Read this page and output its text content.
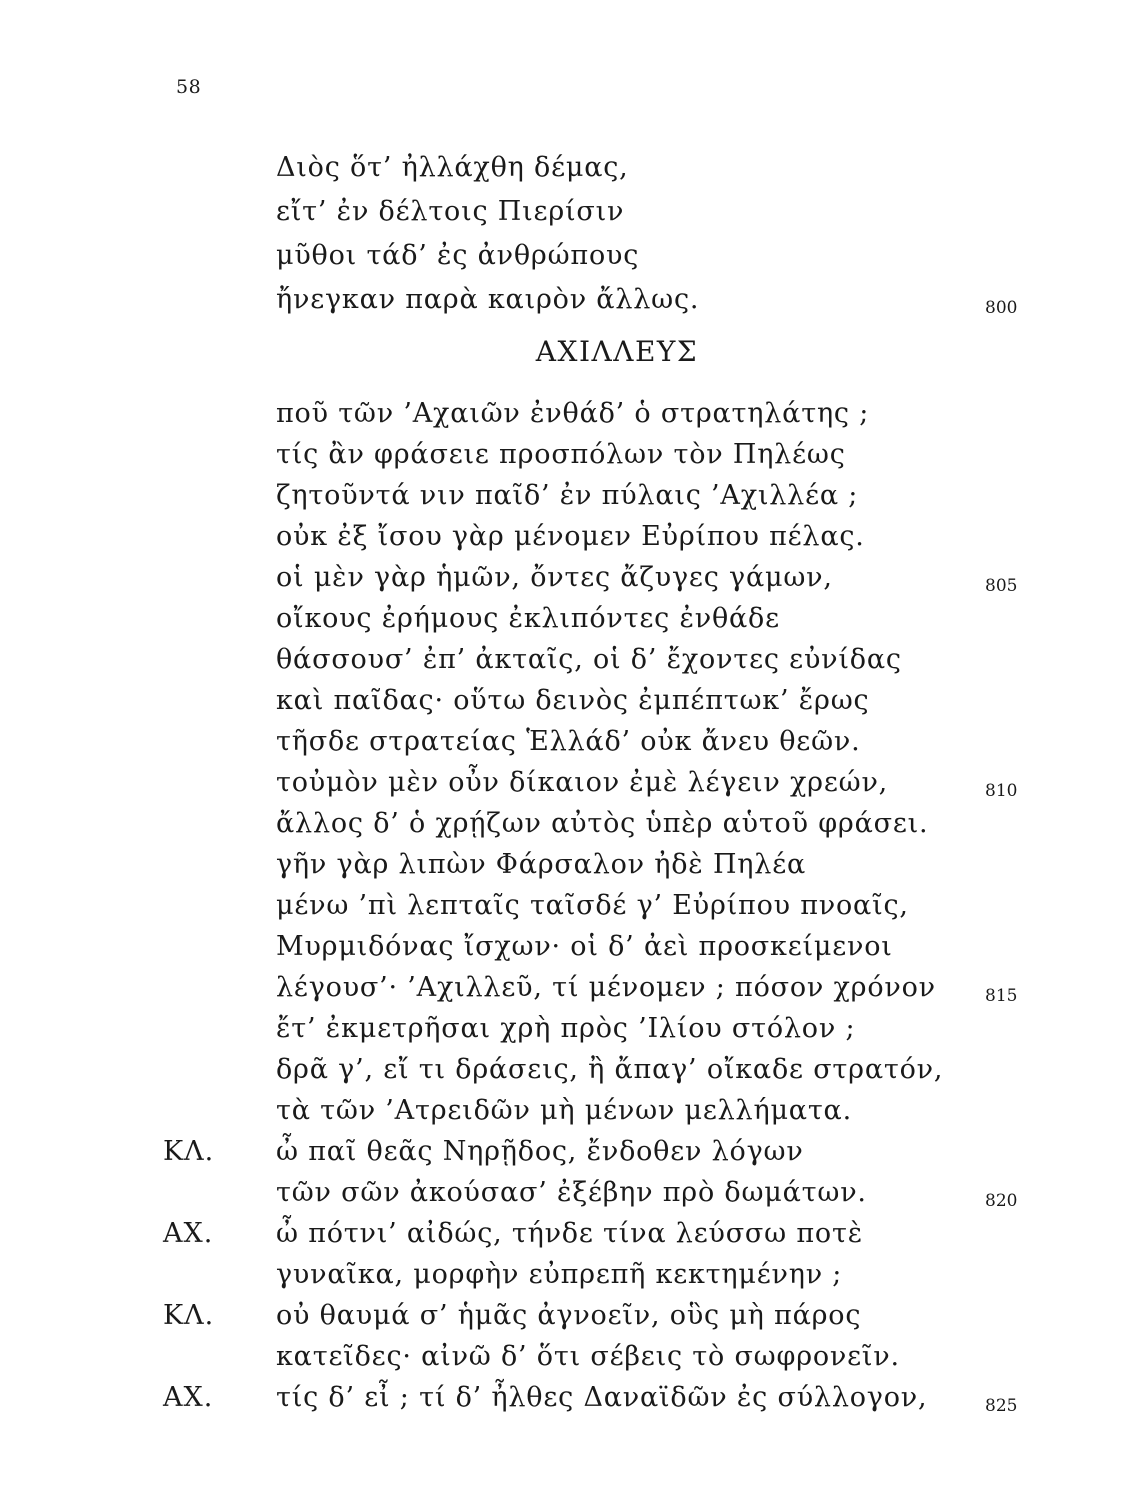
58
Διὸς ὅτ’ ἠλλάχθη δέμας,
εἴτ’ ἐν δέλτοις Πιερίσιν
μῦθοι τάδ’ ἐς ἀνθρώπους
ἤνεγκαν παρὰ καιρὸν ἄλλως.	800
ΑΧΙΛΛΕΥΣ
ποῦ τῶν ’Αχαιῶν ἐνθάδ’ ὁ στρατηλάτης ;
τίς ἂν φράσειε προσπόλων τὸν Πηλέως
ζητοῦντά νιν παῖδ’ ἐν πύλαις ’Αχιλλέα ;
οὐκ ἐξ ἴσου γὰρ μένομεν Εὐρίπου πέλας.
οἱ μὲν γὰρ ἡμῶν, ὄντες ἄζυγες γάμων,	805
οἴκους ἐρήμους ἐκλιπόντες ἐνθάδε
θάσσουσ’ ἐπ’ ἀκταῖς, οἱ δ’ ἔχοντες εὐνίδας
καὶ παῖδας· οὕτω δεινὸς ἐμπέπτωκ’ ἔρως
τῆσδε στρατείας Ἑλλάδ’ οὐκ ἄνευ θεῶν.
τοὐμὸν μὲν οὖν δίκαιον ἐμὲ λέγειν χρεών,	810
ἄλλος δ’ ὁ χρῄζων αὐτὸς ὑπὲρ αὑτοῦ φράσει.
γῆν γὰρ λιπὼν Φάρσαλον ἠδὲ Πηλέα
μένω ’πὶ λεπταῖς ταῖσδέ γ’ Εὐρίπου πνοαῖς,
Μυρμιδόνας ἴσχων· οἱ δ’ ἀεὶ προσκείμενοι
λέγουσ’· ’Αχιλλεῦ, τί μένομεν ; πόσον χρόνον	815
ἔτ’ ἐκμετρῆσαι χρὴ πρὸς ’Ιλίου στόλον ;
δρᾶ γ’, εἴ τι δράσεις, ἢ ἄπαγ’ οἴκαδε στρατόν,
τὰ τῶν ’Ατρειδῶν μὴ μένων μελλήματα.
ΚΛ. ὦ παῖ θεᾶς Νηρῇδος, ἔνδοθεν λόγων
τῶν σῶν ἀκούσασ’ ἐξέβην πρὸ δωμάτων.	820
ΑΧ. ὦ πότνι’ αἰδώς, τήνδε τίνα λεύσσω ποτὲ
γυναῖκα, μορφὴν εὐπρεπῆ κεκτημένην ;
ΚΛ. οὐ θαυμά σ’ ἡμᾶς ἀγνοεῖν, οὓς μὴ πάρος
κατεῖδες· αἰνῶ δ’ ὅτι σέβεις τὸ σωφρονεῖν.
ΑΧ. τίς δ’ εἶ ; τί δ’ ἦλθες Δαναϊδῶν ἐς σύλλογον,	825
